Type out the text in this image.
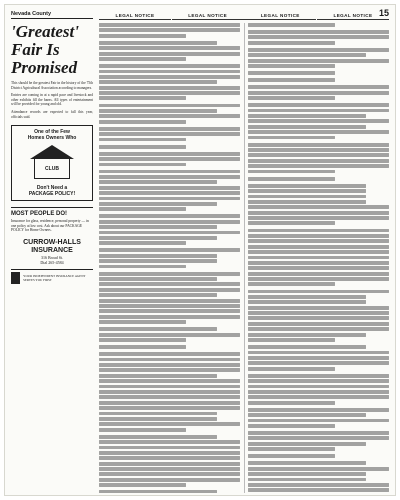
15
Nevada County
'Greatest' Fair Is Promised

This should be the greatest Fair in the history of the 75th District Agricultural Association according to managers.

Entries are coming in at a rapid pace and livestock and other exhibits fill the barns. All types of entertainment will be provided for young and old.

Attendance records are expected to fall this year, officials said.

One of the Few
Homes Owners Who
CLUB
Don't Need a
PACKAGE POLICY!
MOST PEOPLE DO!
Insurance for glass, residence, personal property — in one policy at low cost. Ask about our PACKAGE POLICY for Home Owners.
CURROW-HALLS INSURANCE
316 Broad St.
Dial 265-4584
YOUR INDEPENDENT INSURANCE AGENT SERVES YOU FIRST
LEGAL NOTICE	LEGAL NOTICE	LEGAL NOTICE	LEGAL NOTICE
